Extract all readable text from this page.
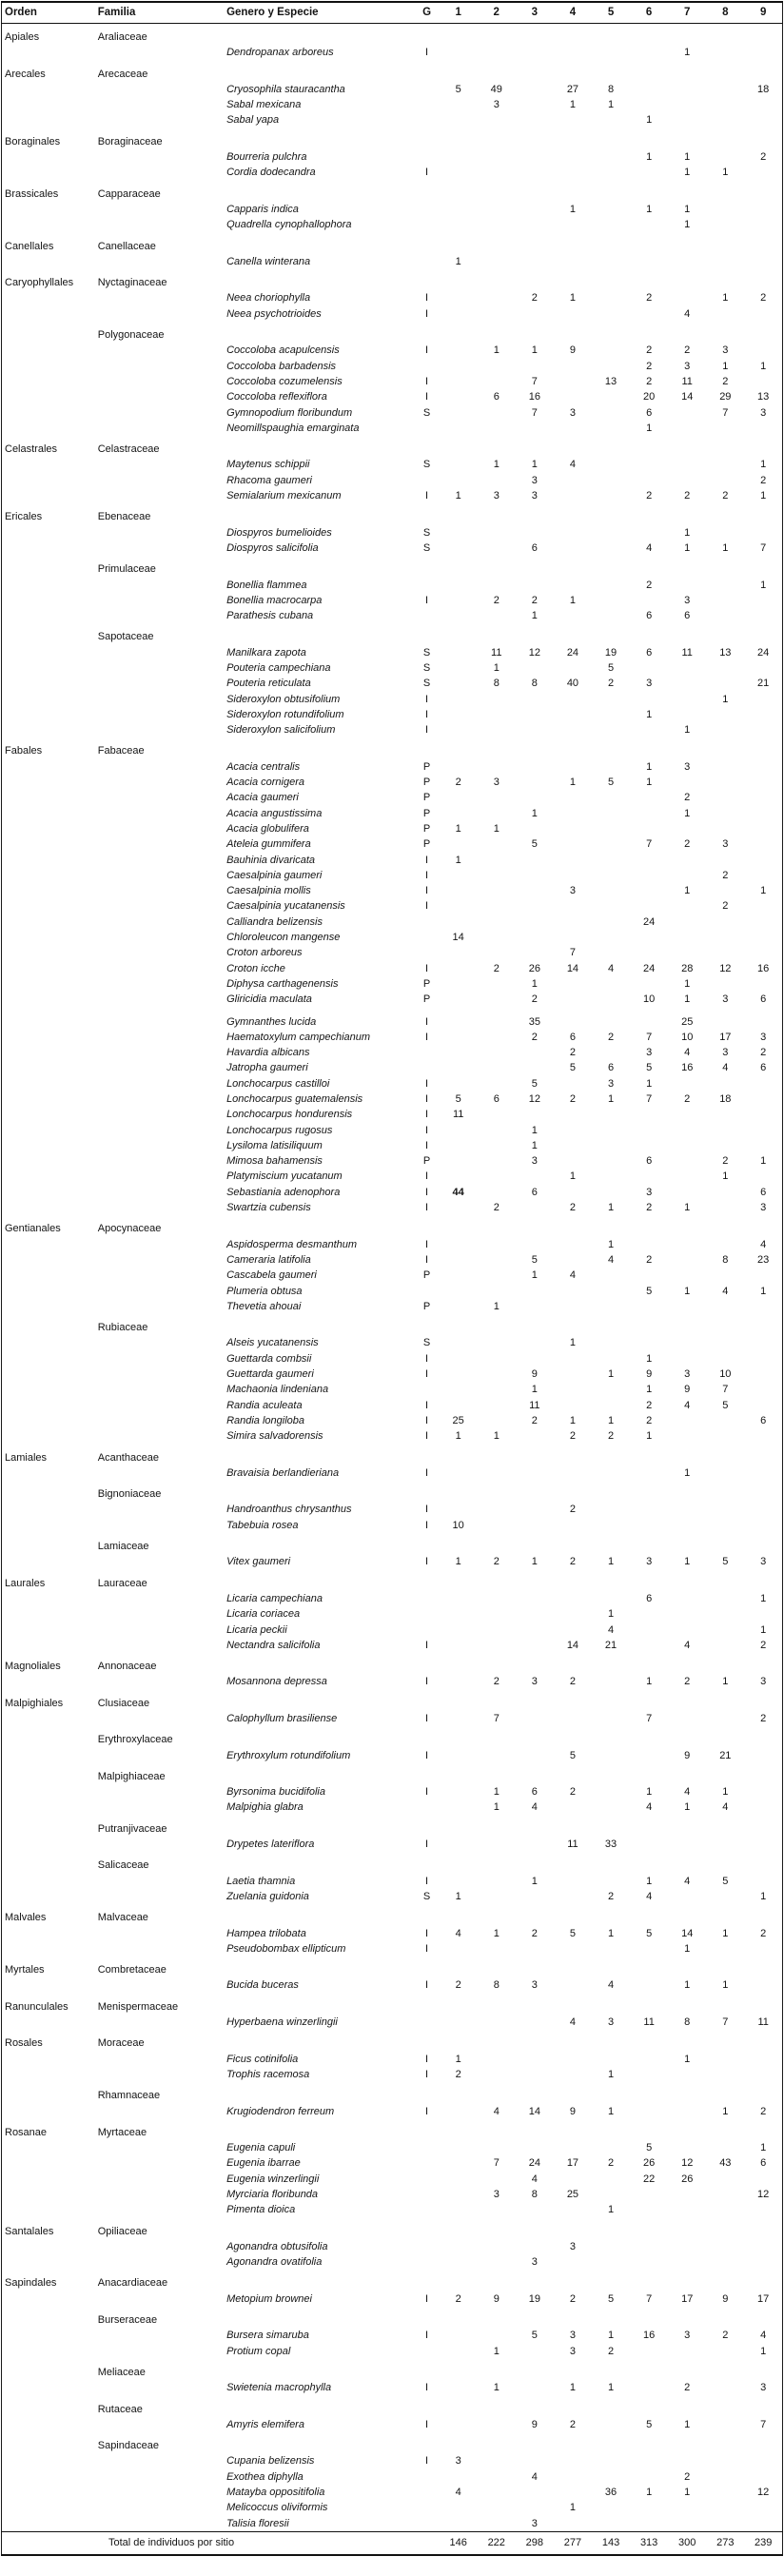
Orden	Familia	Genero y Especie	G	1	2	3	4	5	6	7	8	9
Apiales	Araliaceae											
		Dendropanax arboreus	I							1		
Arecales	Arecaceae											
		Cryosophila stauracantha		5	49		27	8				18
		Sabal mexicana			3		1	1				
		Sabal yapa							1			
Boraginales	Boraginaceae											
		Bourreria pulchra							1	1		2
		Cordia dodecandra	I							1	1	
Brassicales	Capparaceae											
		Capparis indica					1		1	1		
		Quadrella cynophallophora								1		
Canellales	Canellaceae											
		Canella winterana		1								
Caryophyllales	Nyctaginaceae											
		Neea choriophylla	I			2	1		2		1	2
		Neea psychotrioides	I							4		
	Polygonaceae											
		Coccoloba acapulcensis	I		1	1	9		2	2	3	
		Coccoloba barbadensis							2	3	1	1
		Coccoloba cozumelensis	I			7		13	2	11	2	
		Coccoloba reflexiflora	I		6	16			20	14	29	13
		Gymnopodium floribundum	S			7	3		6		7	3
		Neomillspaughia emarginata							1			
Celastrales	Celastraceae											
		Maytenus schippii	S		1	1	4					1
		Rhacoma gaumeri				3						2
		Semialarium mexicanum	I	1	3	3			2	2	2	1
Ericales	Ebenaceae											
		Diospyros bumelioides	S							1		
		Diospyros salicifolia	S			6			4	1	1	7
	Primulaceae											
		Bonellia flammea							2			1
		Bonellia macrocarpa	I		2	2	1			3		
		Parathesis cubana				1			6	6		
	Sapotaceae											
		Manilkara zapota	S		11	12	24	19	6	11	13	24
		Pouteria campechiana	S		1			5				
		Pouteria reticulata	S		8	8	40	2	3			21
		Sideroxylon obtusifolium	I								1	
		Sideroxylon rotundifolium	I						1			
		Sideroxylon salicifolium	I							1		
Fabales	Fabaceae											
		Acacia centralis	P						1	3		
		Acacia cornigera	P	2	3		1	5	1			
		Acacia gaumeri	P							2		
		Acacia angustissima	P			1				1		
		Acacia globulifera	P	1	1							
		Ateleia gummifera	P			5			7	2	3	
		Bauhinia divaricata	I	1								
		Caesalpinia gaumeri	I								2	
		Caesalpinia mollis	I				3			1		1
		Caesalpinia yucatanensis	I								2	
		Calliandra belizensis							24			
		Chloroleucon mangense		14								
		Croton arboreus					7					
		Croton icche	I		2	26	14	4	24	28	12	16
		Diphysa carthagenensis	P			1				1		
		Gliricidia maculata	P			2			10	1	3	6
		Gymnanthes lucida	I			35				25		
		Haematoxylum campechianum	I			2	6	2	7	10	17	3
		Havardia albicans					2		3	4	3	2
		Jatropha gaumeri					5	6	5	16	4	6
		Lonchocarpus castilloi	I			5		3	1			
		Lonchocarpus guatemalensis	I	5	6	12	2	1	7	2	18	
		Lonchocarpus hondurensis	I	11								
		Lonchocarpus rugosus	I			1						
		Lysiloma latisiliquum	I			1						
		Mimosa bahamensis	P			3			6		2	1
		Platymiscium yucatanum	I				1				1	
		Sebastiania adenophora	I	44		6			3			6
		Swartzia cubensis	I		2		2	1	2	1		3
Gentianales	Apocynaceae											
		Aspidosperma desmanthum	I					1				4
		Cameraria latifolia	I			5		4	2		8	23
		Cascabela gaumeri	P			1	4					
		Plumeria obtusa							5	1	4	1
		Thevetia ahouai	P		1							
	Rubiaceae											
		Alseis yucatanensis	S				1					
		Guettarda combsii	I						1			
		Guettarda gaumeri	I			9		1	9	3	10	
		Machaonia lindeniana				1			1	9	7	
		Randia aculeata	I			11			2	4	5	
		Randia longiloba	I	25		2	1	1	2			6
		Simira salvadorensis	I	1	1		2	2	1			
Lamiales	Acanthaceae											
		Bravaisia berlandieriana	I							1		
	Bignoniaceae											
		Handroanthus chrysanthus	I				2					
		Tabebuia rosea	I	10								
	Lamiaceae											
		Vitex gaumeri	I	1	2	1	2	1	3	1	5	3
Laurales	Lauraceae											
		Licaria campechiana							6			1
		Licaria coriacea						1				
		Licaria peckii						4				1
		Nectandra salicifolia	I				14	21		4		2
Magnoliales	Annonaceae											
		Mosannona depressa	I		2	3	2		1	2	1	3
Malpighiales	Clusiaceae											
		Calophyllum brasiliense	I		7				7			2
	Erythroxylaceae											
		Erythroxylum rotundifolium	I				5			9	21	
	Malpighiaceae											
		Byrsonima bucidifolia	I		1	6	2		1	4	1	
		Malpighia glabra			1	4			4	1	4	
	Putranjivaceae											
		Drypetes lateriflora	I				11	33				
	Salicaceae											
		Laetia thamnia	I			1			1	4	5	
		Zuelania guidonia	S	1				2	4			1
Malvales	Malvaceae											
		Hampea trilobata	I	4	1	2	5	1	5	14	1	2
		Pseudobombax ellipticum	I							1		
Myrtales	Combretaceae											
		Bucida buceras	I	2	8	3		4		1	1	
Ranunculales	Menispermaceae											
		Hyperbaena winzerlingii					4	3	11	8	7	11
Rosales	Moraceae											
		Ficus cotinifolia	I	1						1		
		Trophis racemosa	I	2				1				
	Rhamnaceae											
		Krugiodendron ferreum	I		4	14	9	1			1	2
Rosanae	Myrtaceae											
		Eugenia capuli							5			1
		Eugenia ibarrae			7	24	17	2	26	12	43	6
		Eugenia winzerlingii				4			22	26		
		Myrciaria floribunda			3	8	25					12
		Pimenta dioica						1				
Santalales	Opiliaceae											
		Agonandra obtusifolia					3					
		Agonandra ovatifolia				3						
Sapindales	Anacardiaceae											
		Metopium brownei	I	2	9	19	2	5	7	17	9	17
	Burseraceae											
		Bursera simaruba	I			5	3	1	16	3	2	4
		Protium copal			1		3	2				1
	Meliaceae											
		Swietenia macrophylla	I		1		1	1		2		3
	Rutaceae											
		Amyris elemifera	I			9	2		5	1		7
	Sapindaceae											
		Cupania belizensis	I	3								
		Exothea diphylla				4				2		
		Matayba oppositifolia		4				36	1	1		12
		Melicoccus oliviformis					1					
		Talisia floresii				3						
Total de individuos por sitio				146	222	298	277	143	313	300	273	239
